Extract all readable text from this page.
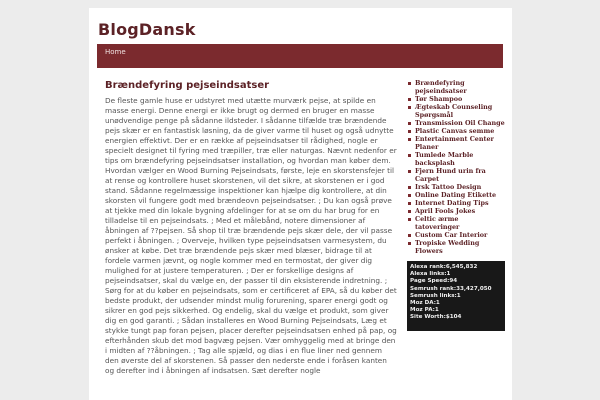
BlogDansk
Home
Brændefyring pejseindsatser

De fleste gamle huse er udstyret med utætte murværk pejse, at spilde en masse energi. Denne energi er ikke brugt og dermed en bruger en masse unødvendige penge på sådanne ildsteder. I sådanne tilfælde træ brændende pejs skær er en fantastisk løsning, da de giver varme til huset og også udnytte energien effektivt. Der er en række af pejseindsatser til rådighed, nogle er specielt designet til fyring med træpiller, træ eller naturgas. Nævnt nedenfor er tips om brændefyring pejseindsatser installation, og hvordan man køber dem.

Hvordan vælger en Wood Burning Pejseindsats, første, leje en skorstensfejer til at rense og kontrollere huset skorstenen, vil det sikre, at skorstenen er i god stand. Sådanne regelmæssige inspektioner kan hjælpe dig kontrollere, at din skorsten vil fungere godt med brændeovn pejseindsatser. ; Du kan også prøve at tjekke med din lokale bygning afdelinger for at se om du har brug for en tilladelse til en pejseindsats. ; Med et målebånd, notere dimensioner af åbningen af ??pejsen. Så shop til træ brændende pejs skær dele, der vil passe perfekt i åbningen. ; Overveje, hvilken type pejseindsatsen varmesystem, du ønsker at købe. Det træ brændende pejs skær med blæser, bidrage til at fordele varmen jævnt, og nogle kommer med en termostat, der giver dig mulighed for at justere temperaturen. ; Der er forskellige designs af pejseindsatser, skal du vælge en, der passer til din eksisterende indretning. ; Sørg for at du køber en pejseindsats, som er certificeret af EPA, så du køber det bedste produkt, der udsender mindst mulig forurening, sparer energi godt og sikrer en god pejs sikkerhed. Og endelig, skal du vælge et produkt, som giver dig en god garanti. ; Sådan installeres en Wood Burning Pejseindsats, Læg et stykke tungt pap foran pejsen, placer derefter pejseindsatsen enhed på pap, og efterhånden skub det mod bagvæg pejsen. Vær omhyggelig med at bringe den i midten af ??åbningen. ; Tag alle spjæld, og dias i en flue liner ned gennem den øverste del af skorstenen. Så passer den nederste ende i foråsen kanten og derefter ind i åbningen af indsatsen. Sæt derefter nogle

Brændefyring pejseindsatser
Tør Shampoo
Ægteskab Counseling Spørgsmål
Transmission Oil Change
Plastic Canvas semme
Entertainment Center Planer
Tumlede Marble backsplash
Fjern Hund urin fra Carpet
Irsk Tattoo Design
Online Dating Etikette
Internet Dating Tips
April Fools Jokes
Celtic ærme tatoveringer
Custom Car Interior
Tropiske Wedding Flowers
Alexa rank:6,545,832
Alexa links:1
Page Speed:94
Semrush rank:33,427,050
Semrush links:1
Moz DA:1
Moz PA:1
Site Worth:$104
